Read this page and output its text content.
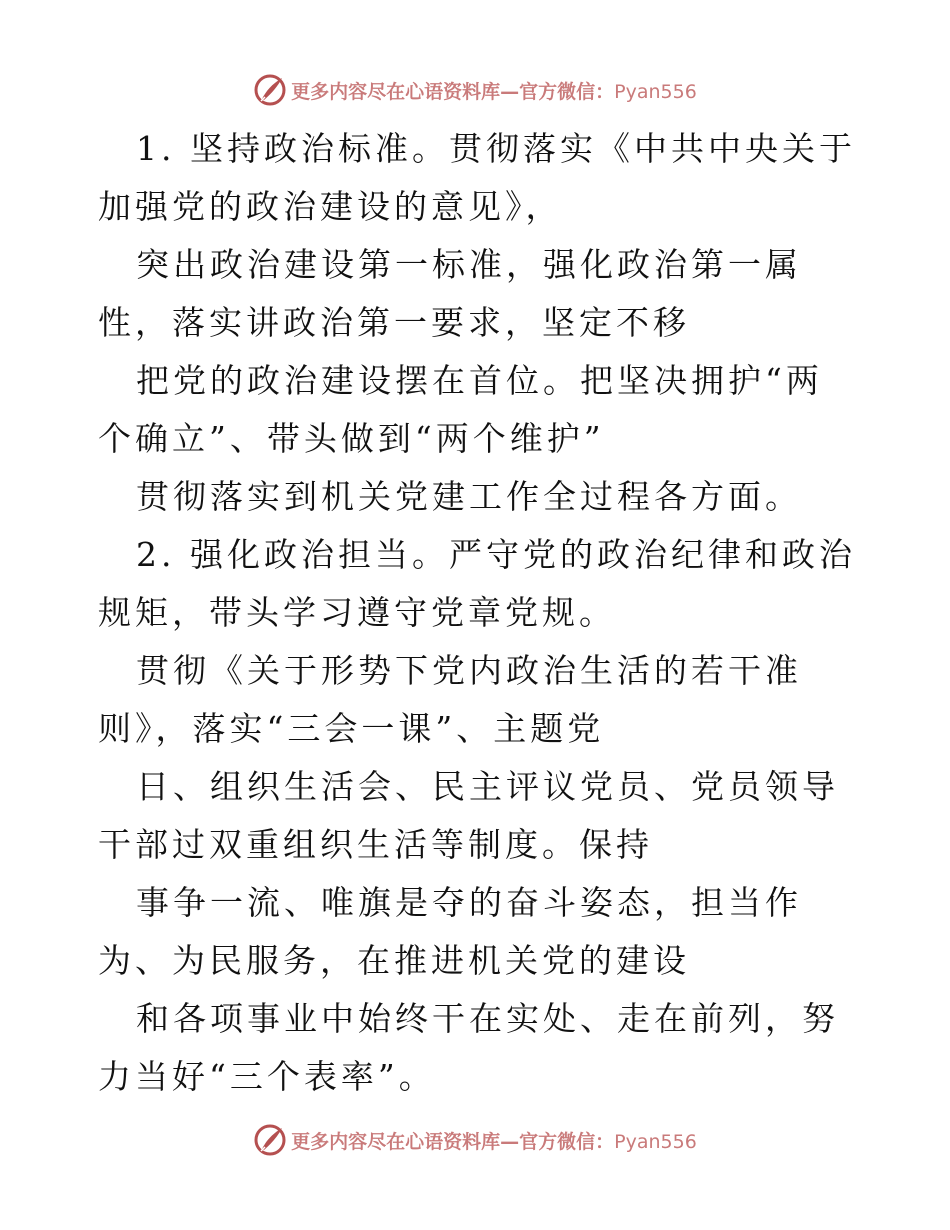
更多内容尽在心语资料库—官方微信：Pyan556

1. 坚持政治标准。贯彻落实《中共中央关于加强党的政治建设的意见》，

突出政治建设第一标准，强化政治第一属性，落实讲政治第一要求，坚定不移

把党的政治建设摆在首位。把坚决拥护“两个确立”、带头做到“两个维护”

贯彻落实到机关党建工作全过程各方面。

2. 强化政治担当。严守党的政治纪律和政治规矩，带头学习遵守党章党规。

贯彻《关于形势下党内政治生活的若干准则》，落实“三会一课”、主题党

日、组织生活会、民主评议党员、党员领导干部过双重组织生活等制度。保持

事争一流、唯旗是夺的奋斗姿态，担当作为、为民服务，在推进机关党的建设

和各项事业中始终干在实处、走在前列，努力当好“三个表率”。

更多内容尽在心语资料库—官方微信：Pyan556
